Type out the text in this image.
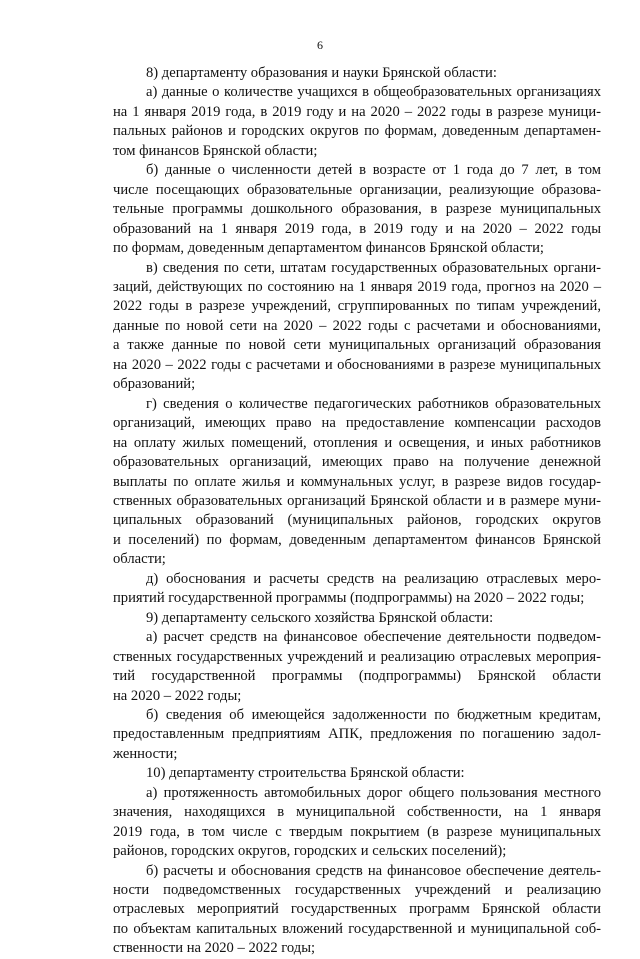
6
8) департаменту образования и науки Брянской области:
а) данные о количестве учащихся в общеобразовательных организациях
на 1 января 2019 года, в 2019 году и на 2020 – 2022 годы в разрезе муници-
пальных районов и городских округов по формам, доведенным департамен-
том финансов Брянской области;
б) данные о численности детей в возрасте от 1 года до 7 лет, в том
числе посещающих образовательные организации, реализующие образова-
тельные программы дошкольного образования, в разрезе муниципальных
образований на 1 января 2019 года, в 2019 году и на 2020 – 2022 годы
по формам, доведенным департаментом финансов Брянской области;
в) сведения по сети, штатам государственных образовательных органи-
заций, действующих по состоянию на 1 января 2019 года, прогноз на 2020 –
2022 годы в разрезе учреждений, сгруппированных по типам учреждений,
данные по новой сети на 2020 – 2022 годы с расчетами и обоснованиями,
а также данные по новой сети муниципальных организаций образования
на 2020 – 2022 годы с расчетами и обоснованиями в разрезе муниципальных
образований;
г) сведения о количестве педагогических работников образовательных
организаций, имеющих право на предоставление компенсации расходов
на оплату жилых помещений, отопления и освещения, и иных работников
образовательных организаций, имеющих право на получение денежной
выплаты по оплате жилья и коммунальных услуг, в разрезе видов государ-
ственных образовательных организаций Брянской области и в размере муни-
ципальных образований (муниципальных районов, городских округов
и поселений) по формам, доведенным департаментом финансов Брянской
области;
д) обоснования и расчеты средств на реализацию отраслевых меро-
приятий государственной программы (подпрограммы) на 2020 – 2022 годы;
9) департаменту сельского хозяйства Брянской области:
а) расчет средств на финансовое обеспечение деятельности подведом-
ственных государственных учреждений и реализацию отраслевых мероприя-
тий государственной программы (подпрограммы) Брянской области
на 2020 – 2022 годы;
б) сведения об имеющейся задолженности по бюджетным кредитам,
предоставленным предприятиям АПК, предложения по погашению задол-
женности;
10) департаменту строительства Брянской области:
а) протяженность автомобильных дорог общего пользования местного
значения, находящихся в муниципальной собственности, на 1 января
2019 года, в том числе с твердым покрытием (в разрезе муниципальных
районов, городских округов, городских и сельских поселений);
б) расчеты и обоснования средств на финансовое обеспечение деятель-
ности подведомственных государственных учреждений и реализацию
отраслевых мероприятий государственных программ Брянской области
по объектам капитальных вложений государственной и муниципальной соб-
ственности на 2020 – 2022 годы;
